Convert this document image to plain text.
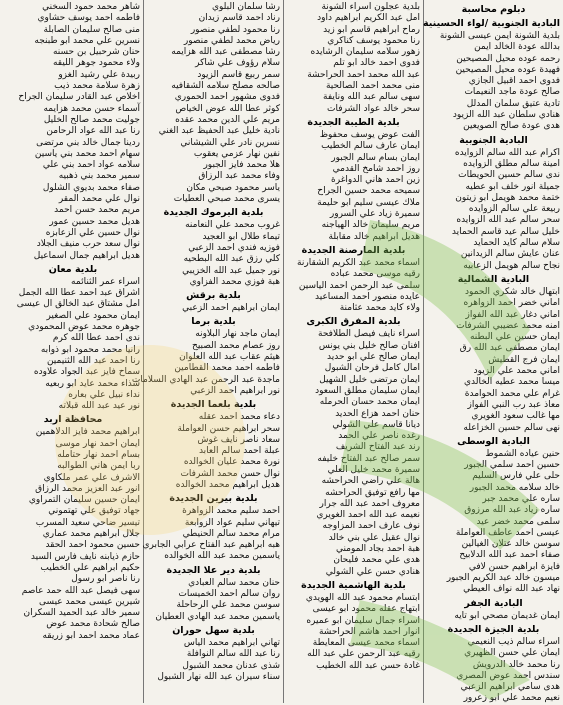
دبلوم محاسبة
البادية الجنوبية /لواء الحسينية
بلدية الشونة ايمن عيسى الشونة
بدالله عودة الخالد ايمن
رحمه عوده محيل المصيحين
فهيدة عوده محيل المصيحين
فدوى احمد اقبيل الجازي
صالح عودة ماجد النعيمات
تادية عتيق سلمان المدلل
هنادي سلطان عبد الله الزيود
هدى عودة صالح الصويعين
البادية الجنوبية
اكرام عبد الله سالم الزوايده
امينة سالم مطلق الزوايده
ندى سالم حسين الحويطات
جميلة انور خلف ابو عطيه
ختمة محمد هويمل ابو زيتون
ربيعة علي سالم الزوايده
سحر سالم عبد الله الزوايده
خليل سالم عيد قاسم الحمايد
سلام سالم كايد الحمايد
عنان عايش سالم الزيدانين
نجاح سالم هويمل الزعابيه
البادية الشمالية
ابتهال خالد شكري الحمود
اماني خضر احمد الزواهره
اماني دغار عبد الله الفواز
امنه محمد عضيبي الشرفات
ايمان حسين علي البطنه
ايمان مصطفى عبد الله رق
ايمان فرج القطيش
اماني محمد علي الزيود
ميسا محمد عطيه الخالدي
غرام علي محمد الحوامدة
معاذ عبد رب النبي الفواز
مها غالب سعود الغويري
نهى سالم حسين الخزاعله
البادية الوسطى
حنين عياده الشموط
حسين احمد سلمي الجبور
حلى علي فارس السليم
خالد سلامه محمد الجبور
ساره علي محمد جبر
ساره زياد عبد الله مرزوق
سلمى محمد خضر عيد
عيسى احمد عاطف العواملة
سوسن خالد عتلان الغيالين
صفاء احمد عبد الله الدلابيح
فايزة ابراهيم حسن لافي
ميسون خالد عبد الكريم الجبور
نهاد عبد الله نواف العيطي
البادية الجفر
ايمان غديمان مصحي ابو تايه
بلدية الجيزة الجديدة
اسراء سالم ذيب النعيمي
ايمان علي حسن الظهيري
رنا محمد خالد الدرويش
سندس احمد عوض المصري
هدى سامي ابراهيم الزعبي
نعيم محمد علي ابو زعرور
بلدية عجلون اسراء الشونة
امل عبد الكريم ابراهيم داود
رماح ابراهيم قاسم ابو زيد
رنا محمود يوسف كناكري
زهور سلامه سليمان الرشايده
فدوى احمد خالد ابو تلم
عبد الله محمد احمد الحراحشة
منى محمد احمد الصالحية
سهى سالم عبد الله ونايفة
سحر خالد عواد الشرفات
بلدية الطيبة الجديدة
الفت عوض يوسف محفوظ
ايمان عارف سالم الخطيب
ايمان بسام سالم الجبور
روز احمد شامخ القدمي
زين احمد هاني الدواغرة
سميحه محمد حسين الجراح
ملاك عيسى سليم ابو حليمة
سميرة زياد علي السرور
مريم سليمان خالد الهياجنه
هديل ابراهيم خالد مقابلة
بلدية المارصنة الجديدة
اسماء محمد عبد الكريم الشقارنة
رقيه موسى محمد عباده
سلمى عبد الرحمن احمد الياسين
عايده منصور احمد المساعيد
ولاء كايد محمد عثامنة
بلدية المفرق الكبرى
اسراء نايف فيصل الطلافحة
افنان صالح خليل بني يونس
ايمان صالح علي ابو حديد
امال كامل فرحان الشبول
ايمان مرتضى خليل الشهيل
ايمان سليمان مطلق السعود
ايمان محمد حسان الحرمله
حنان احمد هزاع الحديد
ديانا قاسم علي الشولي
رغده ناصر علي الحمد
رند عبد الفتاح الشريف
سمر صالح عبد الفتاح خليفه
سميرة محمد خليل العلي
هالة علي راضي الحراحشه
مها رافع توفيق الحراحشه
معروف احمد عبد الله جرار
نعيمه عبد الله احمد الغويري
نوف عارف احمد المزاوجه
نوال عقيل علي بني خالد
هبة احمد بجاد المومني
هدى علي محمد فليحان
هنادي حسن علي الشولي
بلدية الهاشمية الجديدة
ابتسام محمود عبد الله الهويدي
ابتهاج عقله محمود ابو عيسى
اسراء جمال سليمان ابو عميره
انوار احمد هاشم الحراحشة
اسماء محمد عيسى المعايطة
رقيه عبد الرحمن علي عبد الله
غادة حسن عبد الله الخطيب
رشا سلمان البلوي
رناد احمد قاسم زيدان
رنا محمود لطفي منصور
رياض محمد لطفي منصور
رشا مصطفى عبد الله هزايمه
سلام رؤوف علي شاكر
سمر ربيع قاسم الزيود
صالحه مصلح سلامه الشقافيه
فدوى مشهور احمد الحموري
كوثر عطا الله عوض الخياص
مريم علي الدين محمد عقده
نادية خليل عبد الحفيظ عبد الغني
نسرين نادر علي الشيشاني
نفين نهار عزمي يعقوب
هلا محمد فايز الجبور
وفاء محمد عبد الرزاق
ياسر محمود صبحي مكان
يسرى محمد صبحي العطيات
بلدية اليرموك الجديدة
غروب محمد علي النعامنه
تيماء طلال ابو العجيد
فوزيه فندي احمد الزعبي
كلي رزق عبد الله البطحيه
نور جميل عبد الله الخزيبي
هبة فوزي محمد الفزاوي
بلدية برقش
ايمان ابراهيم احمد الزعبي
بلدية برما
ايمان ماجد نهار البلاونه
روز عصام محمد الصبيح
هيثم عقاب عبد الله العلوان
فاطمه احمد محمد القطامين
ماجدة عبد الرحمن عبد الهادي السلامات
نور ابراهيم احمد الزعبي
بلدية بلعما الجديدة
دعاء محمد احمد عقله
سحر ابراهيم حسن العواملة
سعاد ناصر نايف غوش
عبلة احمد سالم العابد
نورة محمد عليان الخوالده
نوال حسن محمد الشرفات
هديل ابراهيم محمد الخوالده
بلدية بيرين الجديدة
احمد سليم محمد الزواهرة
تيهاني سليم عواد الزوابعة
مرام محمد سالم الحنيطي
هبه ابراهيم عبد الفتاح عرابي الجابري
ياسمين محمد عبد الله الخوالده
بلدية دير علا الجديدة
حنان محمد سالم العبادي
روان سالم احمد الخميسات
سوسن محمد علي الرحاحلة
ياسمين محمد عبد الهادي العطيان
بلدية سهل حوران
تهاني ابراهيم محمد الياس
رنا عبد الله سالم النوافلة
شذى عدنان محمد الشبول
سناء سيران عبد الله نهار الشبول
شاهر محمد حمود السخني
فاطمه احمد يوسف حشاوي
منى صالح سليمان الصابلة
نسرين علي محمد ابو طبنجه
حنان شرحبيل بن حسنه
ولاء محمود جوهر الليقه
ربيدة علي رشيد الغزو
زهرة سلامة محمد ذيب
اخلاص عبد القادر سليمان الجراح
آسماء حسن محمد هزايمه
جوليت محمد صالح الخليل
رنا عبد الله عواد الرحامن
ردينا جمال خالد بني مرتضى
سهام احمد محمد بني ياسين
سلامه عواد احمد بني علي
سمير محمد بني ذهبيه
صفاء محمد بديوي الشلول
نوال علي محمد المقر
مريم محمد حسن احمد
هديل محمد حسين عمور
نوال حسين علي الزعابزه
نوال سعد حرب منيف الجلاد
هديل ابراهيم جمال اسماعيل
بلدية معان
اسراء عمر الثنائمه
اشراق عبد احمد عطا الله الجمل
امل مشتاق عبد الخالق ال عيسى
ايمان محمود علي الصغير
جوهره محمد عوض المحمودي
ندى احمد عطا الله كرم
رانيا محمد محمود ابو ذوابه
رنا احمد عبد الله الثنيمين
سماح فايز عبد الجواد علاوده
شذاء محمد عايد ابو ربعيه
نداء نبيل علي بعاره
نور عيد عبد الله قبلاته
محافظة اربد
ابراهيم محمد فايز الدلاهمين
ايمان احمد نهار موسى
بسام احمد نهار حتامله
ربا ايمن هاني الطوالبه
الاشرف علي عمر ملكاوي
انور عبد العزيز محمد الرزاق
ايمان حسين سليمان التمراوي
جهاد توفيق علي تهتموني
تيسير ضاحي سعيد المسرب
جلال ابراهيم محمد عماري
حسين محمود احمد الحقد
حازم ذيابنه نايف فارس السيد
حكيم ابراهيم علي الخطيب
رنا ناصر ابو رسول
سهى فيصل عبد الله حمد عاصم
شيرين عيسى محمد عيسى
سمير خالد عبد الحميد السكران
صالح شحادة محمد عوض
عماد محمد احمد ابو زريقه
